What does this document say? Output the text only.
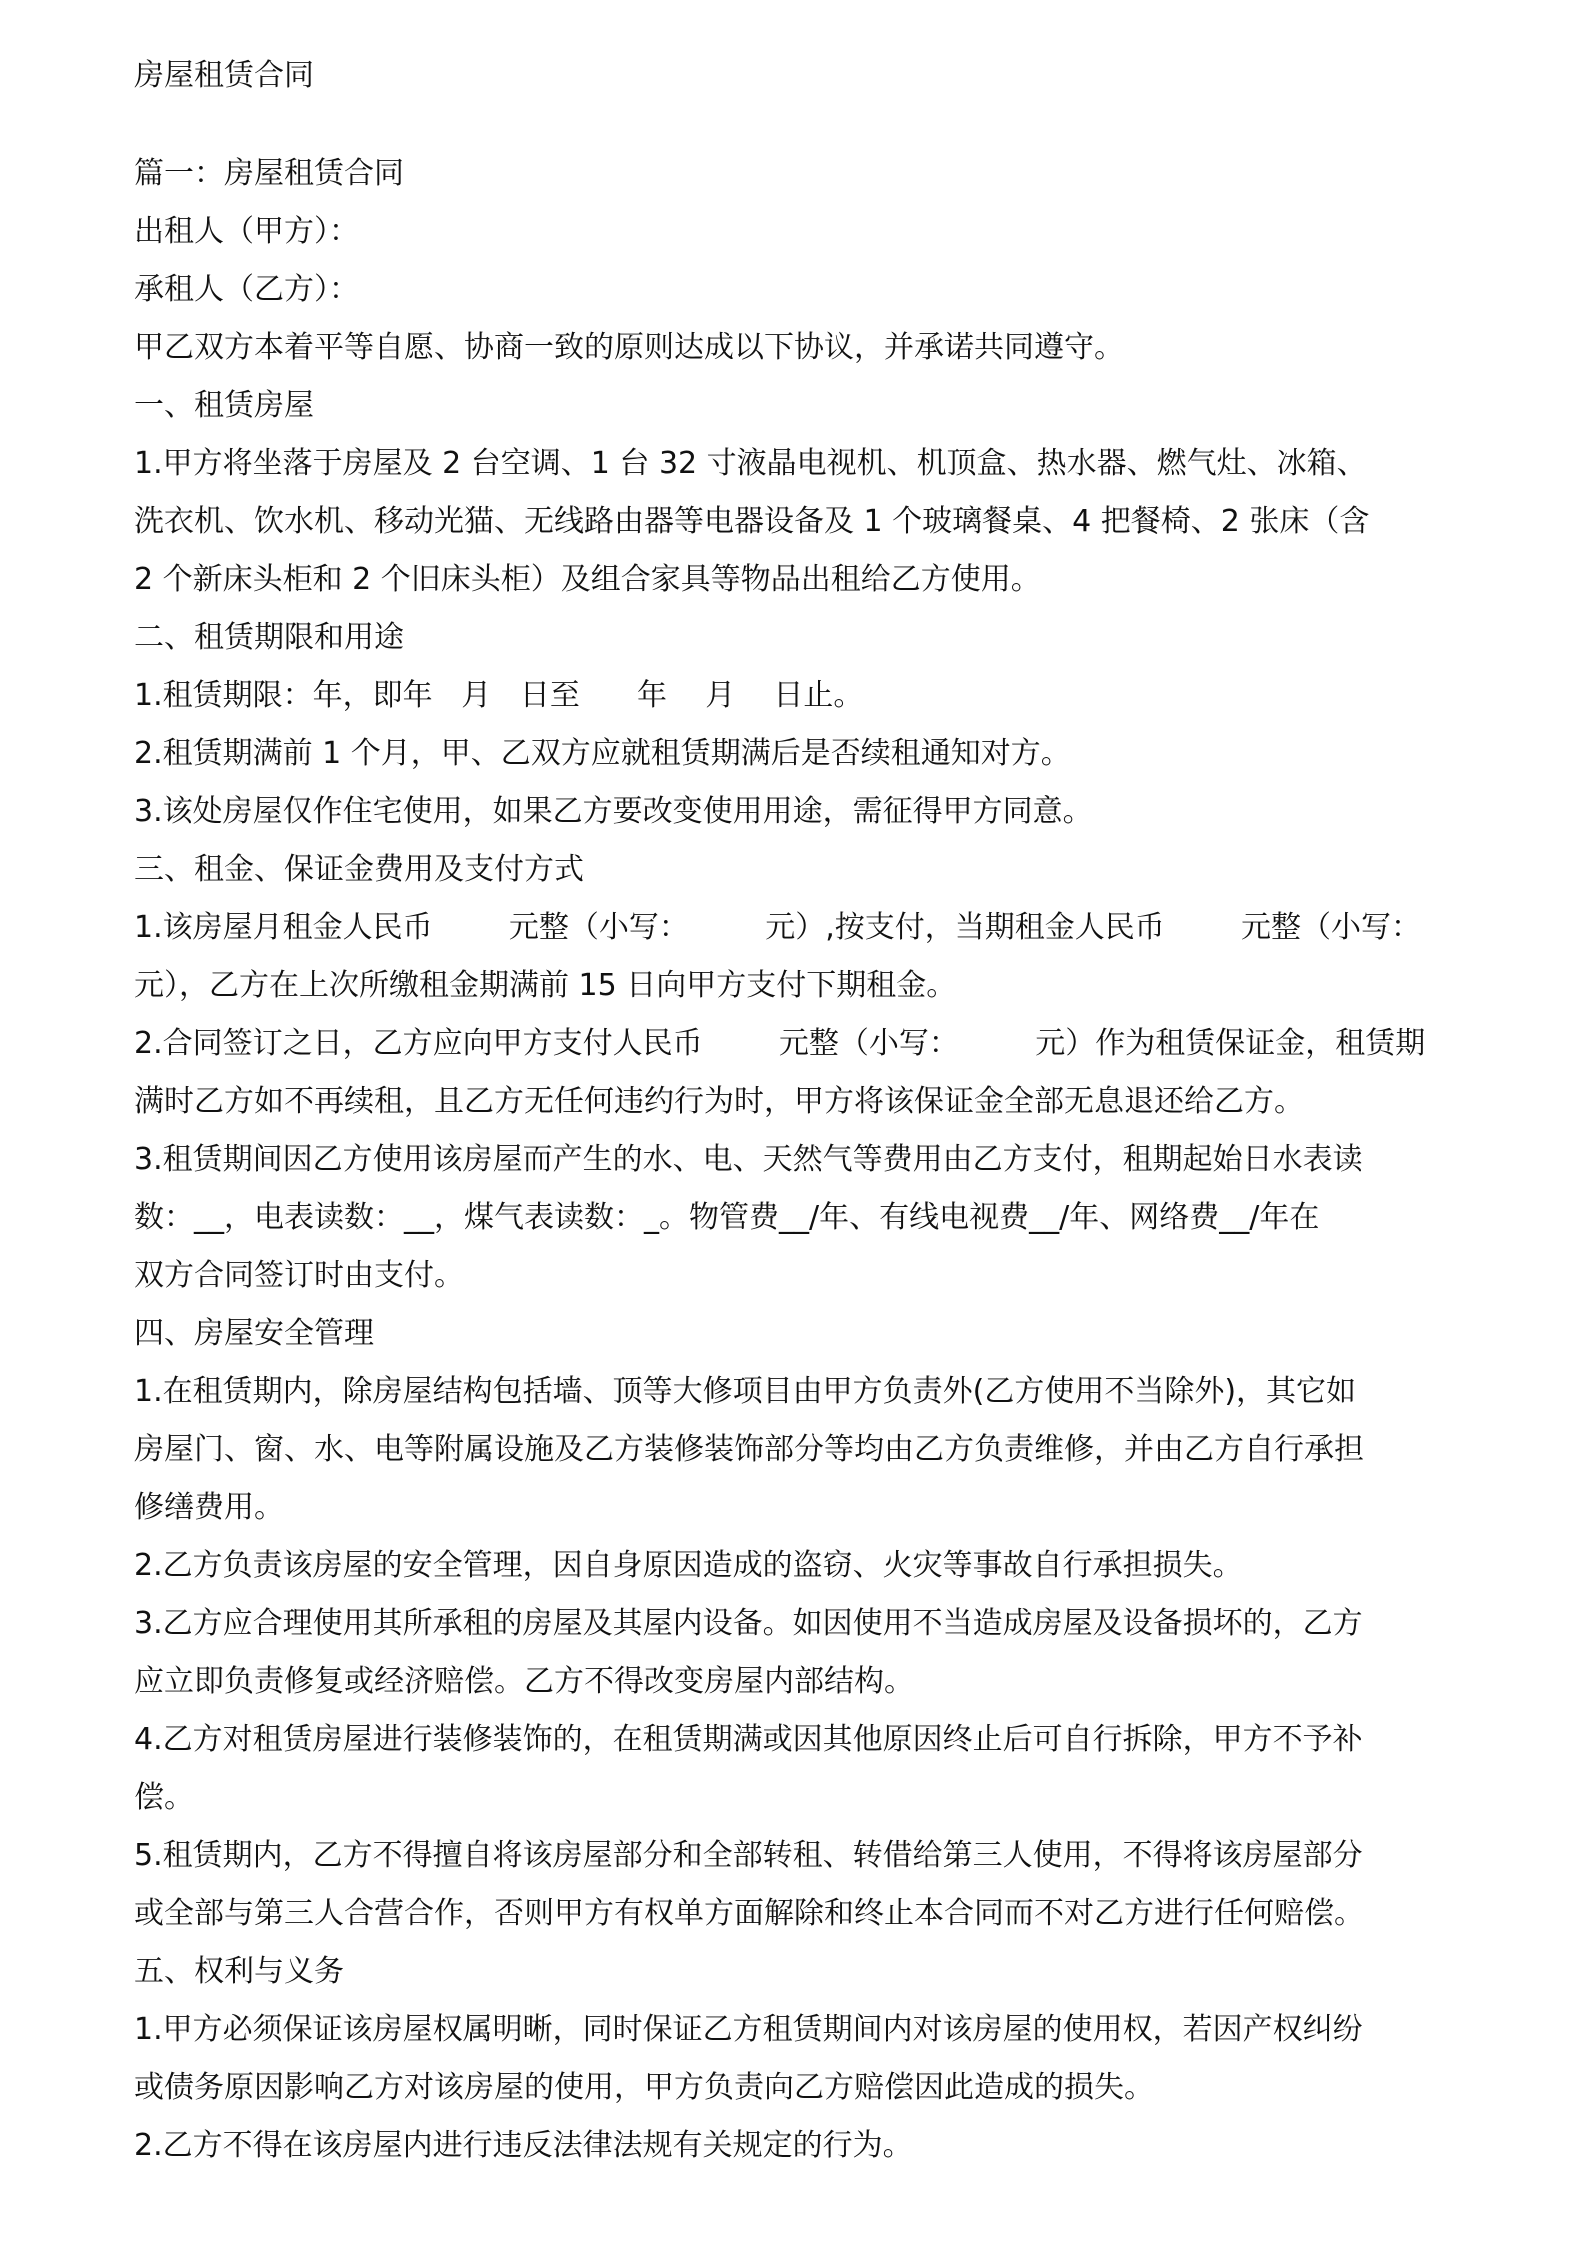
房屋租赁合同
篇一：房屋租赁合同
出租人（甲方）：
承租人（乙方）：
甲乙双方本着平等自愿、协商一致的原则达成以下协议，并承诺共同遵守。
一、租赁房屋
1.甲方将坐落于房屋及 2 台空调、1 台 32 寸液晶电视机、机顶盒、热水器、燃气灶、冰箱、
洗衣机、饮水机、移动光猫、无线路由器等电器设备及 1 个玻璃餐桌、4 把餐椅、2 张床（含
2 个新床头柜和 2 个旧床头柜）及组合家具等物品出租给乙方使用。
二、租赁期限和用途
1.租赁期限：年，即年   月   日至      年    月    日止。
2.租赁期满前 1 个月，甲、乙双方应就租赁期满后是否续租通知对方。
3.该处房屋仅作住宅使用，如果乙方要改变使用用途，需征得甲方同意。
三、租金、保证金费用及支付方式
1.该房屋月租金人民币        元整（小写：        元）,按支付，当期租金人民币        元整（小写：
元），乙方在上次所缴租金期满前 15 日向甲方支付下期租金。
2.合同签订之日，乙方应向甲方支付人民币        元整（小写：        元）作为租赁保证金，租赁期
满时乙方如不再续租，且乙方无任何违约行为时，甲方将该保证金全部无息退还给乙方。
3.租赁期间因乙方使用该房屋而产生的水、电、天然气等费用由乙方支付，租期起始日水表读
数：__，电表读数：__，煤气表读数：_。物管费__/年、有线电视费__/年、网络费__/年在
双方合同签订时由支付。
四、房屋安全管理
1.在租赁期内，除房屋结构包括墙、顶等大修项目由甲方负责外(乙方使用不当除外)，其它如
房屋门、窗、水、电等附属设施及乙方装修装饰部分等均由乙方负责维修，并由乙方自行承担
修缮费用。
2.乙方负责该房屋的安全管理，因自身原因造成的盗窃、火灾等事故自行承担损失。
3.乙方应合理使用其所承租的房屋及其屋内设备。如因使用不当造成房屋及设备损坏的，乙方
应立即负责修复或经济赔偿。乙方不得改变房屋内部结构。
4.乙方对租赁房屋进行装修装饰的，在租赁期满或因其他原因终止后可自行拆除，甲方不予补
偿。
5.租赁期内，乙方不得擅自将该房屋部分和全部转租、转借给第三人使用，不得将该房屋部分
或全部与第三人合营合作，否则甲方有权单方面解除和终止本合同而不对乙方进行任何赔偿。
五、权利与义务
1.甲方必须保证该房屋权属明晰，同时保证乙方租赁期间内对该房屋的使用权，若因产权纠纷
或债务原因影响乙方对该房屋的使用，甲方负责向乙方赔偿因此造成的损失。
2.乙方不得在该房屋内进行违反法律法规有关规定的行为。
